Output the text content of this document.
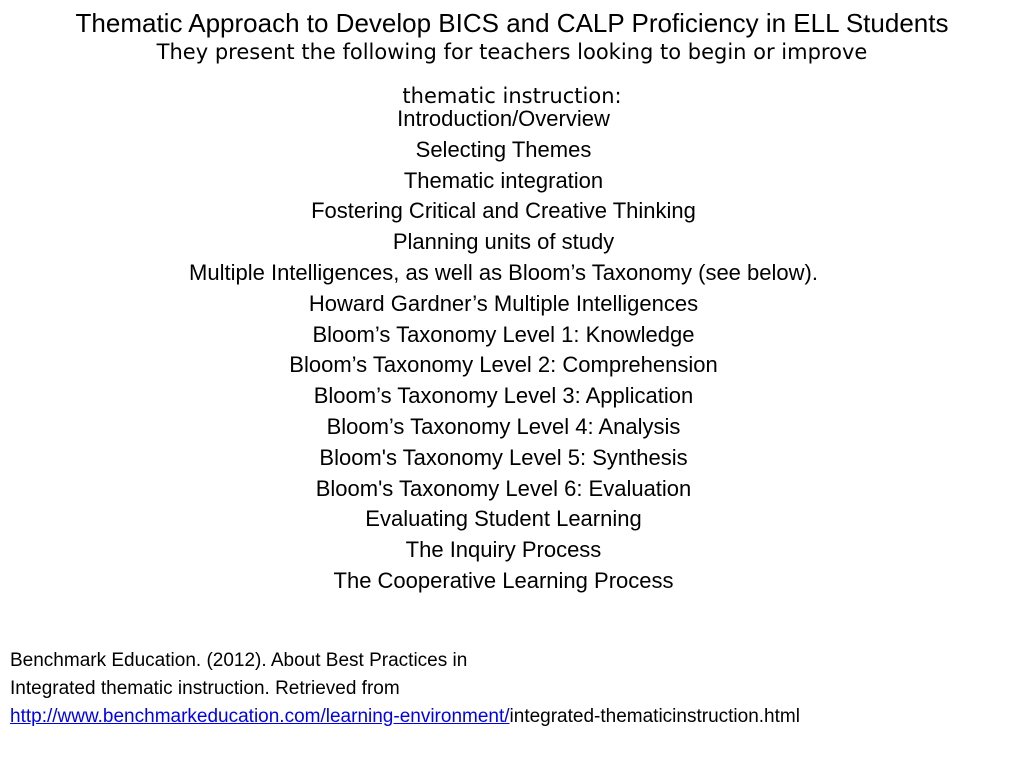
Thematic Approach to Develop BICS and CALP Proficiency in ELL Students
They present the following for teachers looking to begin or improve
thematic instruction:
Introduction/Overview
Selecting Themes
Thematic integration
Fostering Critical and Creative Thinking
Planning units of study
Multiple Intelligences, as well as Bloom’s Taxonomy (see below).
Howard Gardner’s Multiple Intelligences
Bloom’s Taxonomy Level 1: Knowledge
Bloom’s Taxonomy Level 2: Comprehension
Bloom’s Taxonomy Level 3: Application
Bloom’s Taxonomy Level 4: Analysis
Bloom's Taxonomy Level 5: Synthesis
Bloom's Taxonomy Level 6: Evaluation
Evaluating Student Learning
The Inquiry Process
The Cooperative Learning Process
Benchmark Education. (2012). About Best Practices in
Integrated thematic instruction. Retrieved from
http://www.benchmarkeducation.com/learning-environment/integrated-thematicinstruction.html
